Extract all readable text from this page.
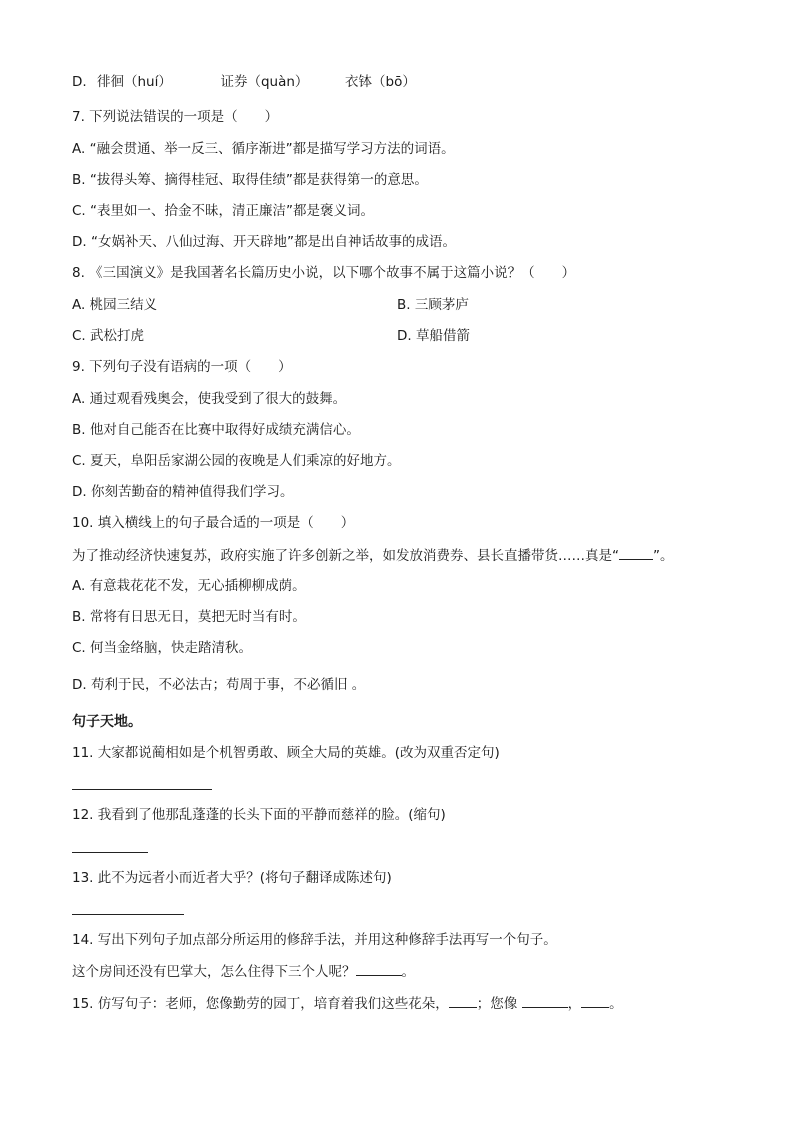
D. 徘徊（huí）	证券（quàn）	衣钵（bō）
7. 下列说法错误的一项是（　　）
A. “融会贯通、举一反三、循序渐进”都是描写学习方法的词语。
B. “拔得头筹、摘得桂冠、取得佳绩”都是获得第一的意思。
C. “表里如一、拾金不昧，清正廉洁”都是褒义词。
D. “女娲补天、八仙过海、开天辟地”都是出自神话故事的成语。
8. 《三国演义》是我国著名长篇历史小说，以下哪个故事不属于这篇小说？（　　）
A. 桃园三结义	B. 三顾茅庐
C. 武松打虎	D. 草船借箭
9. 下列句子没有语病的一项（　　）
A. 通过观看残奥会，使我受到了很大的鼓舞。
B. 他对自己能否在比赛中取得好成绩充满信心。
C. 夏天，阜阳岳家湖公园的夜晚是人们乘凉的好地方。
D. 你刻苦勤奋的精神值得我们学习。
10. 填入横线上的句子最合适的一项是（　　）
为了推动经济快速复苏，政府实施了许多创新之举，如发放消费券、县长直播带货……真是“	”。
A. 有意栽花花不发，无心插柳柳成荫。
B. 常将有日思无日，莫把无时当有时。
C. 何当金络脑，快走踏清秋。
D. 苟利于民，不必法古；苟周于事，不必循旧 。
句子天地。
11. 大家都说蔺相如是个机智勇敢、顾全大局的英雄。(改为双重否定句)
12. 我看到了他那乱蓬蓬的长头下面的平静而慈祥的脸。(缩句)
13. 此不为远者小而近者大乎？(将句子翻译成陈述句)
14. 写出下列句子加点部分所运用的修辞手法，并用这种修辞手法再写一个句子。
这个房间还没有巴掌大，怎么住得下三个人呢？	。
15. 仿写句子：老师，您像勤劳的园丁，培育着我们这些花朵， ；您像	， 。
